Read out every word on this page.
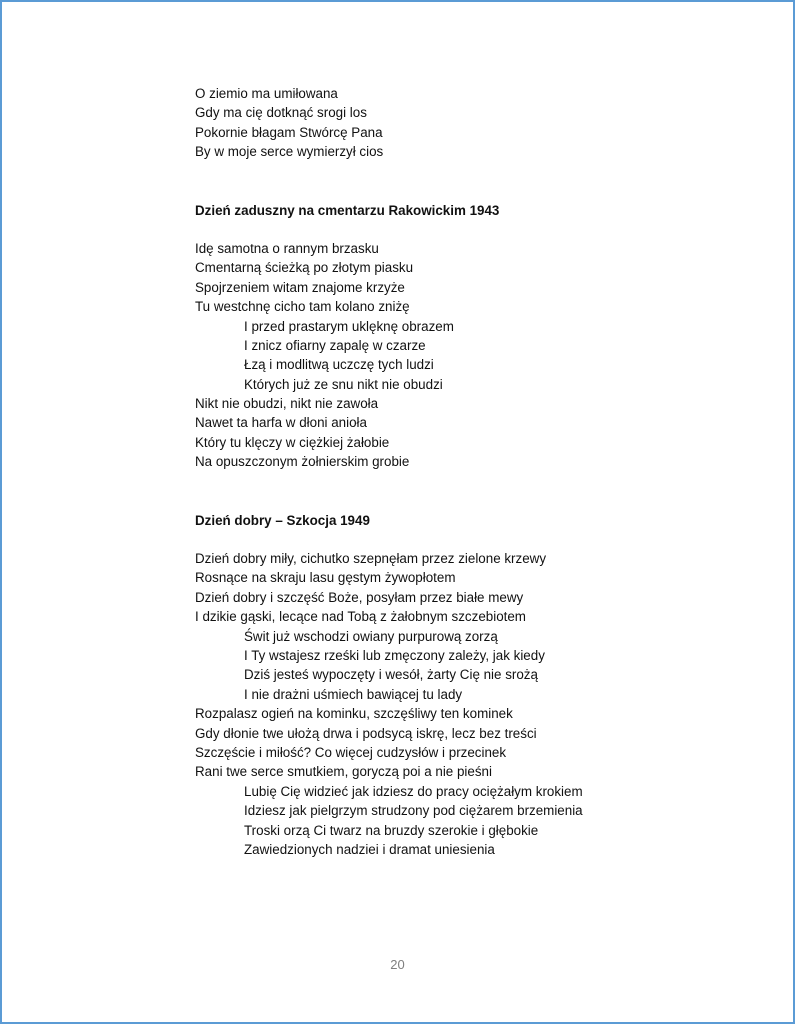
O ziemio ma umiłowana
Gdy ma cię dotknąć srogi los
Pokornie błagam Stwórcę Pana
By w moje serce wymierzył cios
Dzień zaduszny na cmentarzu Rakowickim 1943
Idę samotna o rannym brzasku
Cmentarną ścieżką po złotym piasku
Spojrzeniem witam znajome krzyże
Tu westchnę cicho tam kolano zniżę
I przed prastarym uklęknę obrazem
I znicz ofiarny zapalę w czarze
Łzą i modlitwą uczczę tych ludzi
Których już ze snu nikt nie obudzi
Nikt nie obudzi, nikt nie zawoła
Nawet ta harfa w dłoni anioła
Który tu klęczy w ciężkiej żałobie
Na opuszczonym żołnierskim grobie
Dzień dobry – Szkocja 1949
Dzień dobry miły, cichutko szepnęłam przez zielone krzewy
Rosnące na skraju lasu gęstym żywopłotem
Dzień dobry i szczęść Boże, posyłam przez białe mewy
I dzikie gąski, lecące nad Tobą z żałobnym szczebiotem
Świt już wschodzi owiany purpurową zorzą
I Ty wstajesz rześki lub zmęczony zależy, jak kiedy
Dziś jesteś wypoczęty i wesół, żarty Cię nie srożą
I nie drażni uśmiech bawiącej tu lady
Rozpalasz ogień na kominku, szczęśliwy ten kominek
Gdy dłonie twe ułożą drwa i podsycą iskrę, lecz bez treści
Szczęście i miłość? Co więcej cudzysłów i przecinek
Rani twe serce smutkiem, goryczą poi a nie pieśni
Lubię Cię widzieć jak idziesz do pracy ociężałym krokiem
Idziesz jak pielgrzym strudzony pod ciężarem brzemienia
Troski orzą Ci twarz na bruzdy szerokie i głębokie
Zawiedzionych nadziei i dramat uniesienia
20
